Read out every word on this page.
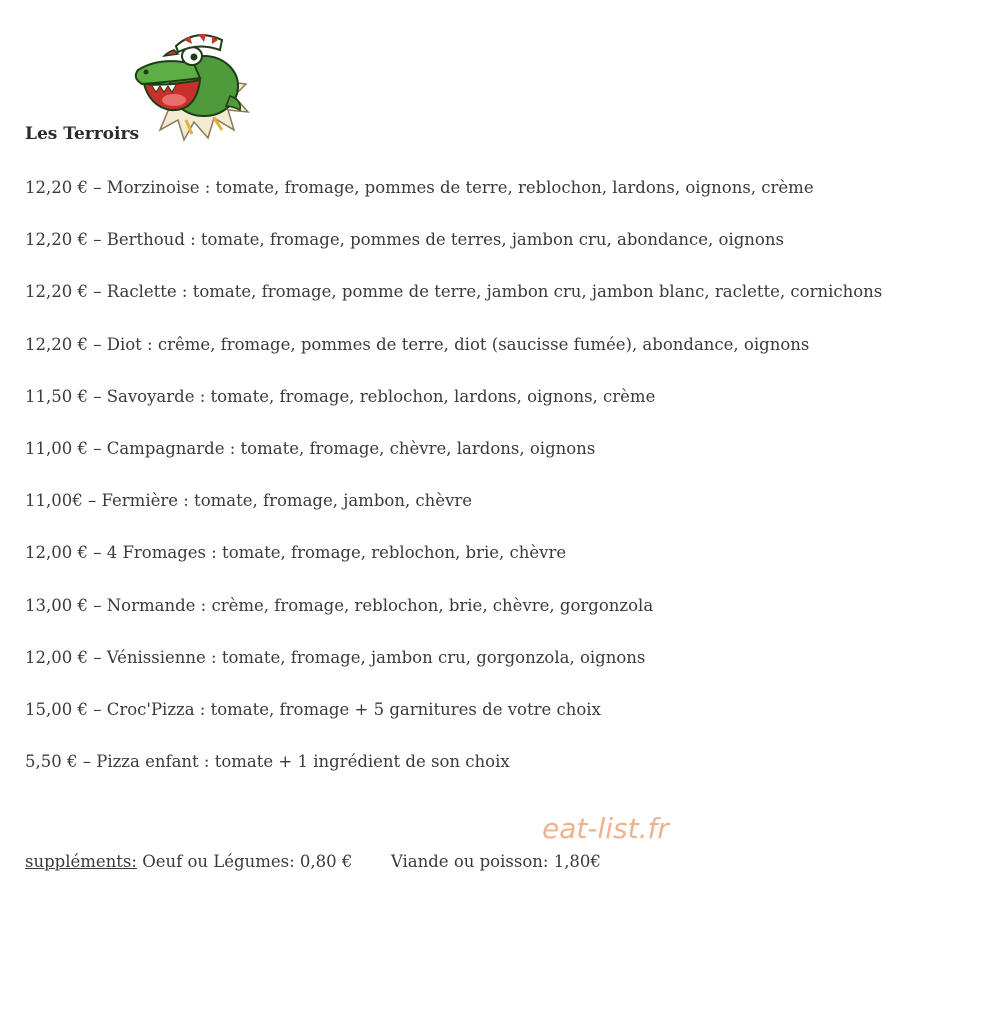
Les Terroirs
12,20 € – Morzinoise : tomate, fromage, pommes de terre, reblochon, lardons, oignons, crème
12,20 € – Berthoud : tomate, fromage, pommes de terres, jambon cru, abondance, oignons
12,20 € – Raclette : tomate, fromage, pomme de terre, jambon cru, jambon blanc, raclette, cornichons
12,20 € – Diot : crême, fromage, pommes de terre, diot (saucisse fumée), abondance, oignons
11,50 € – Savoyarde : tomate, fromage, reblochon, lardons, oignons, crème
11,00 € – Campagnarde : tomate, fromage, chèvre, lardons, oignons
11,00€ – Fermière : tomate, fromage, jambon, chèvre
12,00 € – 4 Fromages : tomate, fromage, reblochon, brie, chèvre
13,00 € – Normande : crème, fromage, reblochon, brie, chèvre, gorgonzola
12,00 € – Vénissienne : tomate, fromage, jambon cru, gorgonzola, oignons
15,00 € – Croc'Pizza : tomate, fromage + 5 garnitures de votre choix
5,50 € – Pizza enfant : tomate + 1 ingrédient de son choix
eat-list.fr
suppléments: Oeuf ou Légumes: 0,80 € Viande ou poisson: 1,80€
